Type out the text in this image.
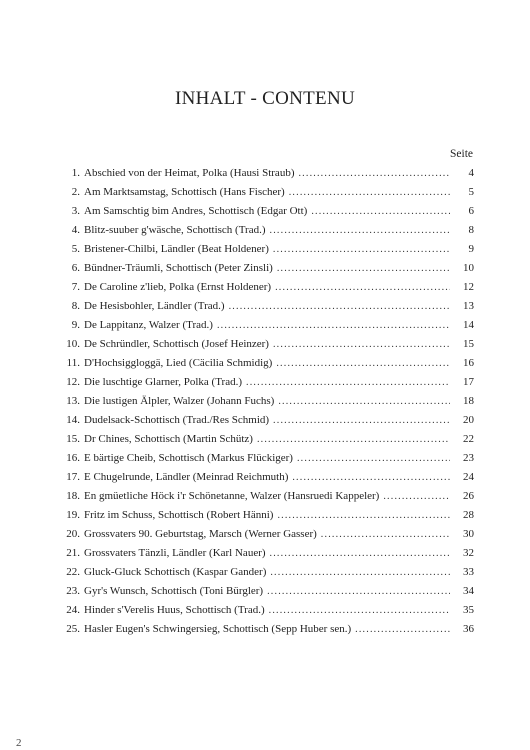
INHALT - CONTENU
Seite
1. Abschied von der Heimat, Polka (Hausi Straub) .....	4
2. Am Marktsamstag, Schottisch (Hans Fischer) .....	5
3. Am Samschtig bim Andres, Schottisch (Edgar Ott) .....	6
4. Blitz-suuber g'wäsche, Schottisch (Trad.) .....	8
5. Bristener-Chilbi, Ländler (Beat Holdener) .....	9
6. Bündner-Träumli, Schottisch (Peter Zinsli) .....	10
7. De Caroline z'lieb, Polka (Ernst Holdener) .....	12
8. De Hesisbohler, Ländler (Trad.) .....	13
9. De Lappitanz, Walzer (Trad.) .....	14
10. De Schründler, Schottisch (Josef Heinzer) .....	15
11. D'Hochsigglоggä, Lied (Cäcilia Schmidig) .....	16
12. Die luschtige Glarner, Polka (Trad.) .....	17
13. Die lustigen Älpler, Walzer (Johann Fuchs) .....	18
14. Dudelsack-Schottisch (Trad./Res Schmid) .....	20
15. Dr Chines, Schottisch (Martin Schütz) .....	22
16. E bärtige Cheib, Schottisch (Markus Flückiger) .....	23
17. E Chugelrunde, Ländler (Meinrad Reichmuth) .....	24
18. En gmüetliche Höck i'r Schönetanne, Walzer (Hansruedi Kappeler) .....	26
19. Fritz im Schuss, Schottisch (Robert Hänni) .....	28
20. Grossvaters 90. Geburtstag, Marsch (Werner Gasser) .....	30
21. Grossvaters Tänzli, Ländler (Karl Nauer) .....	32
22. Gluck-Gluck Schottisch (Kaspar Gander) .....	33
23. Gyr's Wunsch, Schottisch (Toni Bürgler) .....	34
24. Hinder s'Verelis Huus, Schottisch (Trad.) .....	35
25. Hasler Eugen's Schwingersieg, Schottisch (Sepp Huber sen.) .....	36
2
